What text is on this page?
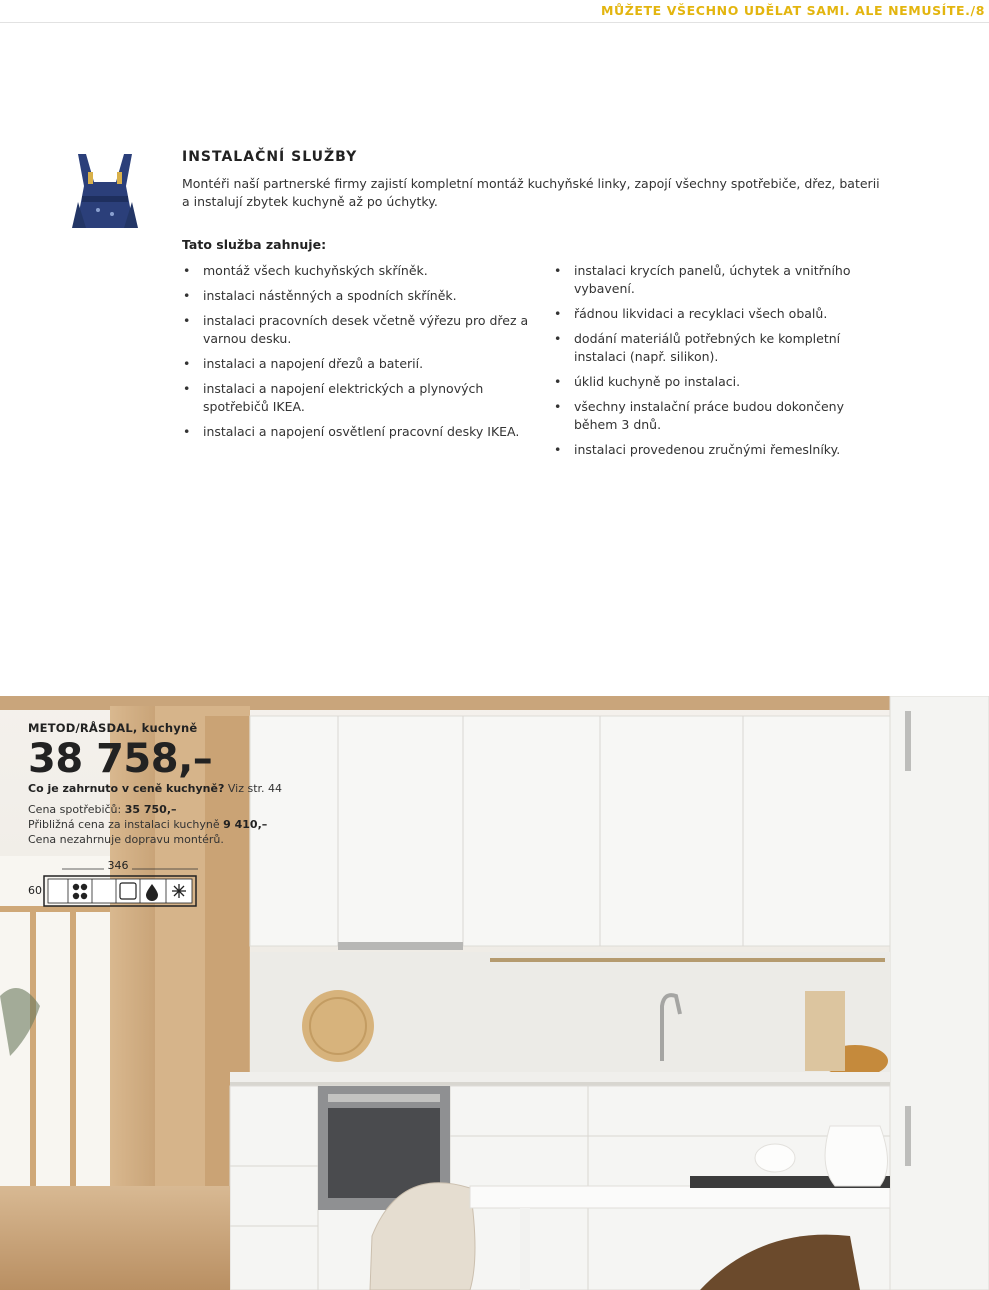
MŮŽETE VŠECHNO UDĚLAT SAMI. ALE NEMUSÍTE./8
INSTALAČNÍ SLUŽBY
Montéři naší partnerské firmy zajistí kompletní montáž kuchyňské linky, zapojí všechny spotřebiče, dřez, baterii a instalují zbytek kuchyně až po úchytky.
Tato služba zahnuje:
• montáž všech kuchyňských skříněk.
• instalaci nástěnných a spodních skříněk.
• instalaci pracovních desek včetně výřezu pro dřez a varnou desku.
• instalaci a napojení dřezů a baterií.
• instalaci a napojení elektrických a plynových spotřebičů IKEA.
• instalaci a napojení osvětlení pracovní desky IKEA.
• instalaci krycích panelů, úchytek a vnitřního vybavení.
• řádnou likvidaci a recyklaci všech obalů.
• dodání materiálů potřebných ke kompletní instalaci (např. silikon).
• úklid kuchyně po instalaci.
• všechny instalační práce budou dokončeny během 3 dnů.
• instalaci provedenou zručnými řemeslníky.
METOD/RÅSDAL, kuchyně
38 758,–
Co je zahrnuto v ceně kuchyně? Viz str. 44
Cena spotřebičů: 35 750,–
Přibližná cena za instalaci kuchyně 9 410,–
Cena nezahrnuje dopravu montérů.
346
60
